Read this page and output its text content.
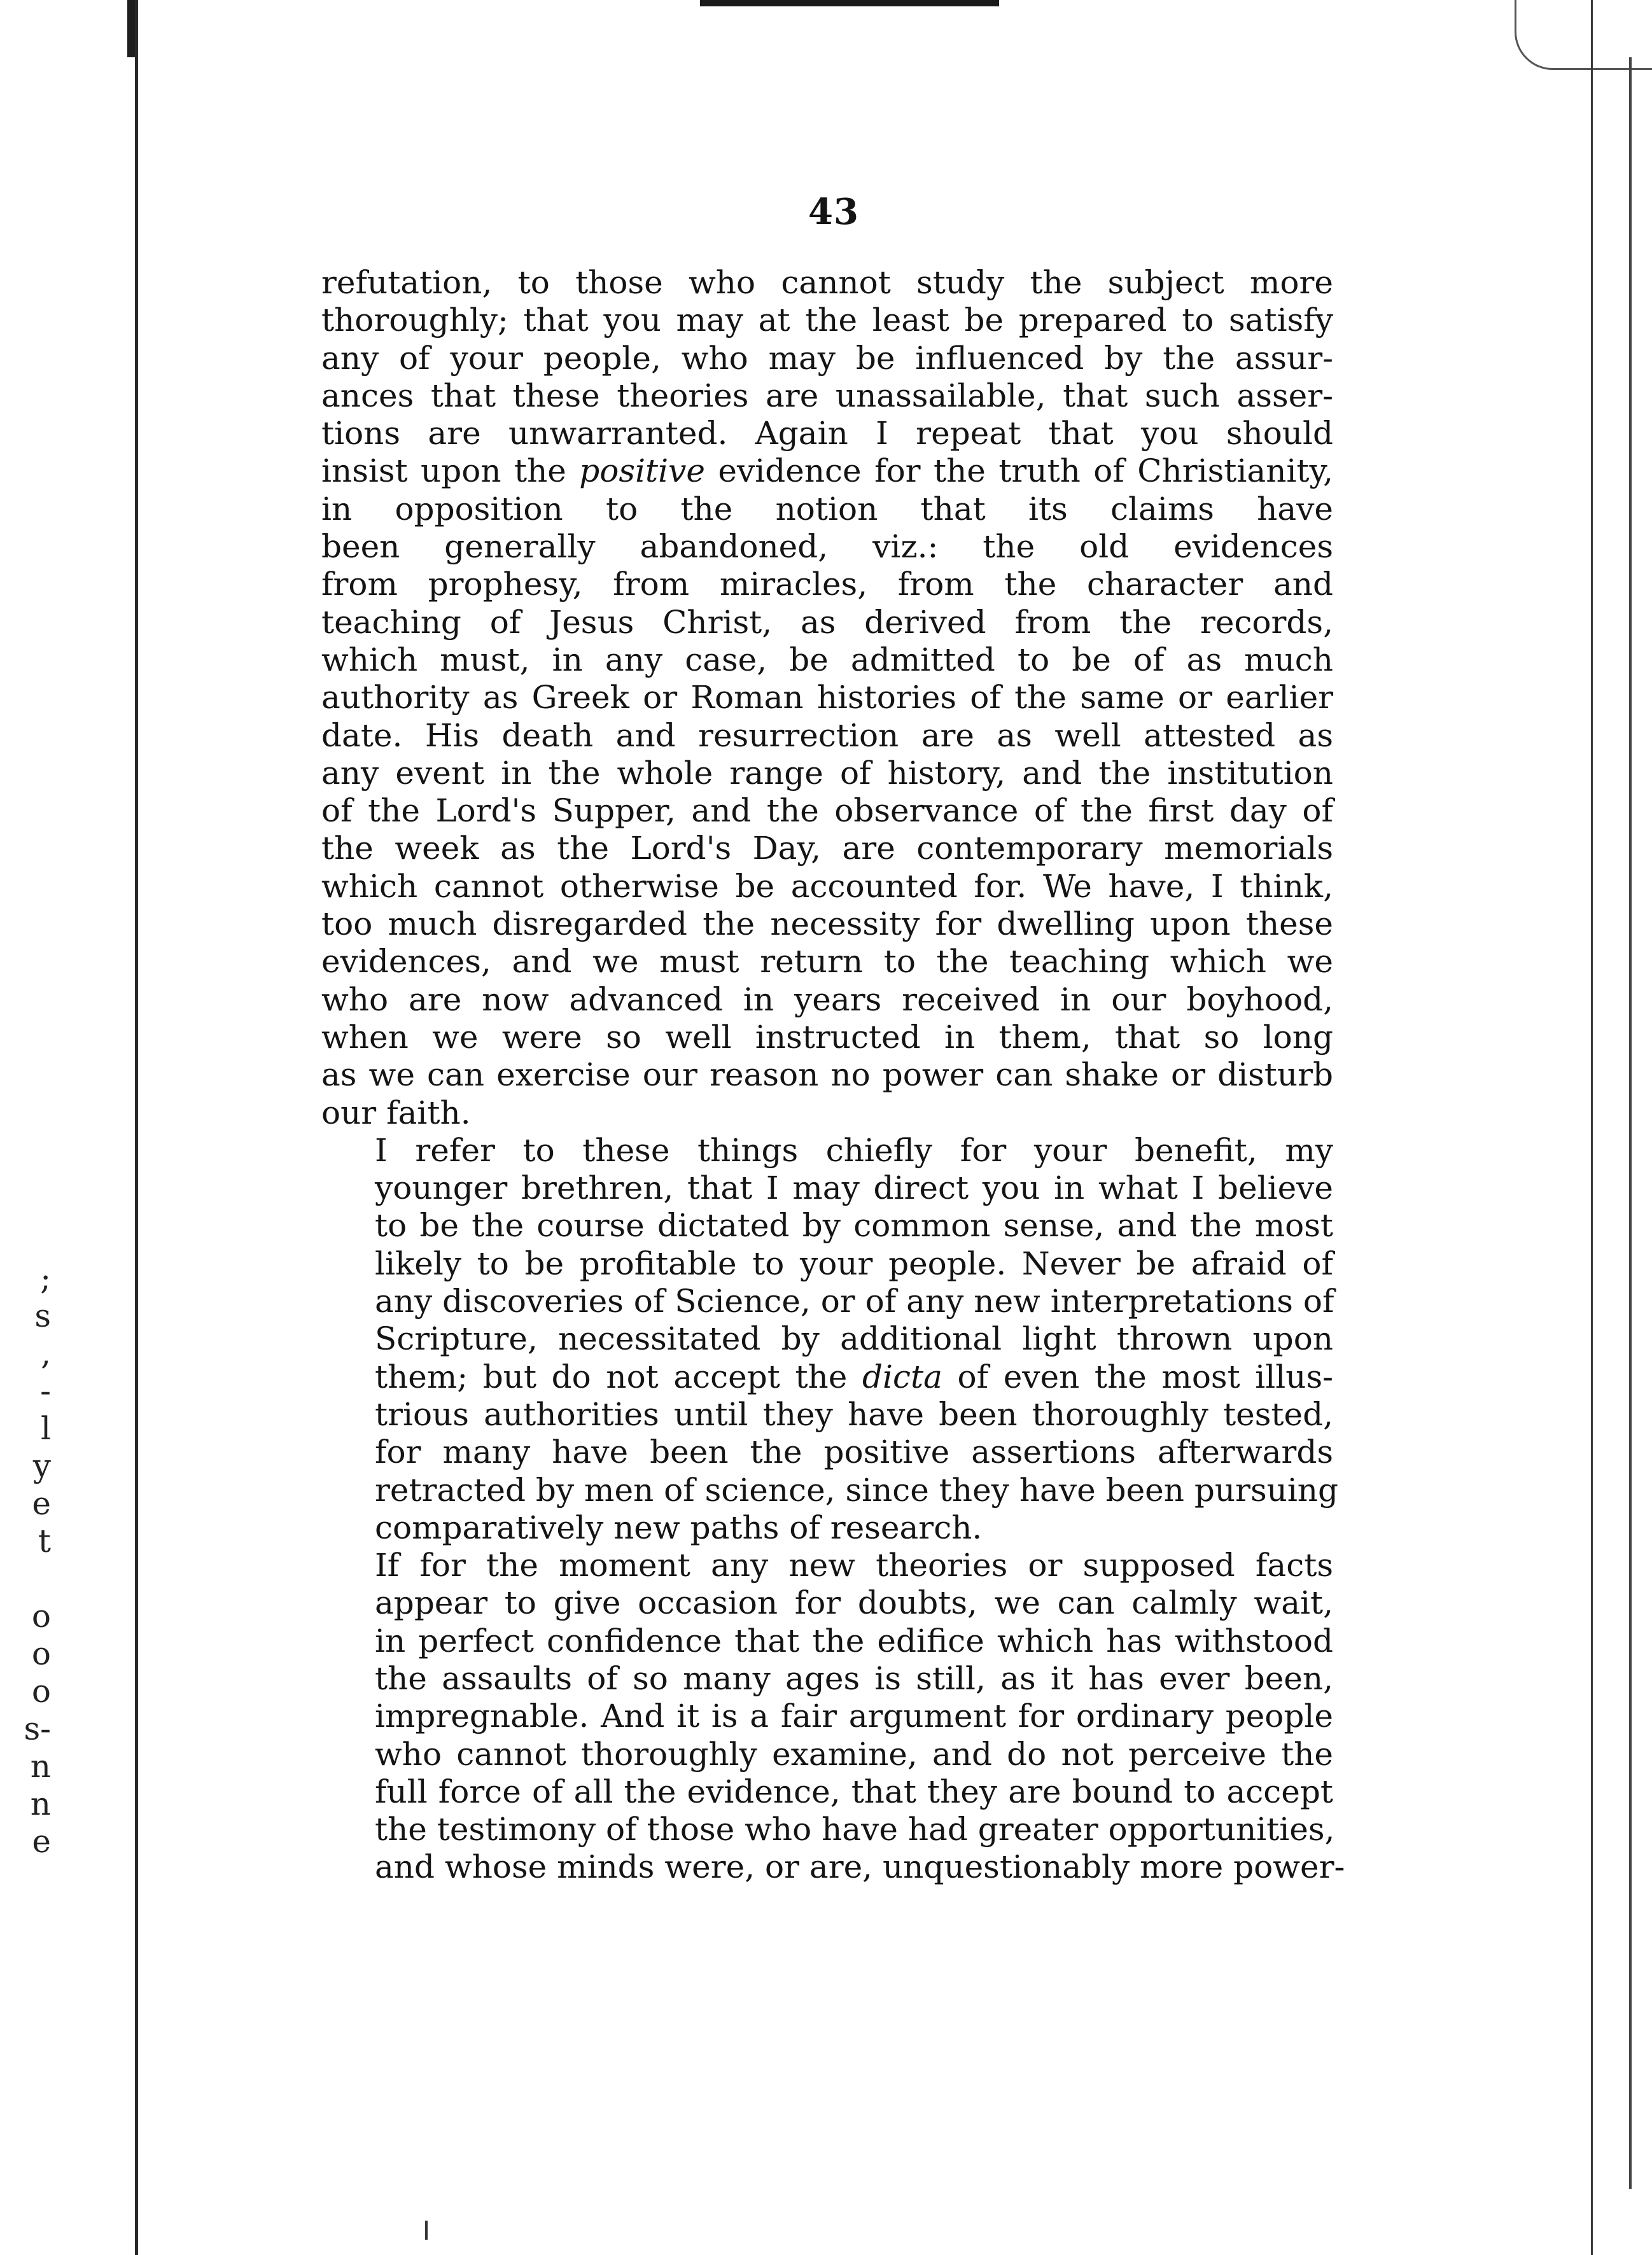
;
s
,
-
l
y
e
t
o
o
o
s-
n
n
e
43

refutation, to those who cannot study the subject more
thoroughly; that you may at the least be prepared to satisfy
any of your people, who may be influenced by the assur-
ances that these theories are unassailable, that such asser-
tions are unwarranted. Again I repeat that you should
insist upon the positive evidence for the truth of Christianity,
in opposition to the notion that its claims have
been generally abandoned, viz.: the old evidences
from prophesy, from miracles, from the character and
teaching of Jesus Christ, as derived from the records,
which must, in any case, be admitted to be of as much
authority as Greek or Roman histories of the same or earlier
date. His death and resurrection are as well attested as
any event in the whole range of history, and the institution
of the Lord's Supper, and the observance of the first day of
the week as the Lord's Day, are contemporary memorials
which cannot otherwise be accounted for. We have, I think,
too much disregarded the necessity for dwelling upon these
evidences, and we must return to the teaching which we
who are now advanced in years received in our boyhood,
when we were so well instructed in them, that so long
as we can exercise our reason no power can shake or disturb
our faith.

I refer to these things chiefly for your benefit, my
younger brethren, that I may direct you in what I believe
to be the course dictated by common sense, and the most
likely to be profitable to your people. Never be afraid of
any discoveries of Science, or of any new interpretations of
Scripture, necessitated by additional light thrown upon
them; but do not accept the dicta of even the most illus-
trious authorities until they have been thoroughly tested,
for many have been the positive assertions afterwards
retracted by men of science, since they have been pursuing
comparatively new paths of research.

If for the moment any new theories or supposed facts
appear to give occasion for doubts, we can calmly wait,
in perfect confidence that the edifice which has withstood
the assaults of so many ages is still, as it has ever been,
impregnable. And it is a fair argument for ordinary people
who cannot thoroughly examine, and do not perceive the
full force of all the evidence, that they are bound to accept
the testimony of those who have had greater opportunities,
and whose minds were, or are, unquestionably more power-
